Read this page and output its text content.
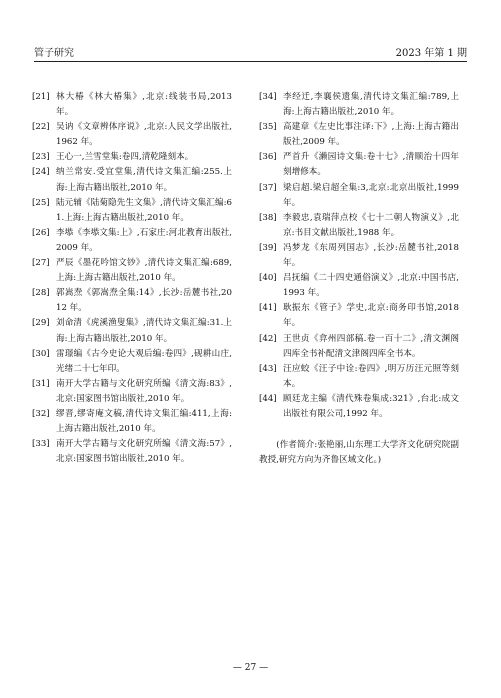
管子研究	2023 年第 1 期
[21] 林大椿《林大椿集》,北京:线装书局,2013 年。
[22] 吴讷《文章辨体序说》,北京:人民文学出版社,1962 年。
[23] 王心一,兰雪堂集:卷四,清乾隆刻本。
[24] 纳兰常安.受宜堂集,清代诗文集汇编:255.上海:上海古籍出版社,2010 年。
[25] 陆元辅《陆菊隐先生文集》,清代诗文集汇编:61.上海:上海古籍出版社,2010 年。
[26] 李塨《李塨文集:上》,石家庄:河北教育出版社,2009 年。
[27] 严辰《墨花吟馆文钞》,清代诗文集汇编:689,上海:上海古籍出版社,2010 年。
[28] 郭嵩焘《郭嵩焘全集:14》,长沙:岳麓书社,2012 年。
[29] 刘命清《虎溪渔叟集》,清代诗文集汇编:31.上海:上海古籍出版社,2010 年。
[30] 雷璟编《古今史论大观后编:卷四》,砚耕山庄,光绪二十七年印。
[31] 南开大学古籍与文化研究所编《清文海:83》,北京:国家图书馆出版社,2010 年。
[32] 缪晋,缪寄庵文稿,清代诗文集汇编:411,上海:上海古籍出版社,2010 年。
[33] 南开大学古籍与文化研究所编《清文海:57》,北京:国家图书馆出版社,2010 年。
[34] 李经迁,李襄侯遗集,清代诗文集汇编:789,上海:上海古籍出版社,2010 年。
[35] 高建章《左史比事注译:下》,上海:上海古籍出版社,2009 年。
[36] 严首升《濑园诗文集:卷十七》,清顺治十四年刻增修本。
[37] 梁启超.梁启超全集:3,北京:北京出版社,1999 年。
[38] 李毅忠,袁瑞萍点校《七十二朝人物演义》,北京:书目文献出版社,1988 年。
[39] 冯梦龙《东周列国志》,长沙:岳麓书社,2018 年。
[40] 吕抚编《二十四史通俗演义》,北京:中国书店,1993 年。
[41] 耿振东《管子》学史,北京:商务印书馆,2018 年。
[42] 王世贞《弇州四部稿.卷一百十二》,清文渊阁四库全书补配清文津阁四库全书本。
[43] 汪应蛟《汪子中诠:卷四》,明万历汪元照等刻本。
[44] 顾廷龙主编《清代殊卷集成:321》,台北:成文出版社有限公司,1992 年。
(作者简介:张艳丽,山东理工大学齐文化研究院副教授,研究方向为齐鲁区域文化。)
— 27 —
